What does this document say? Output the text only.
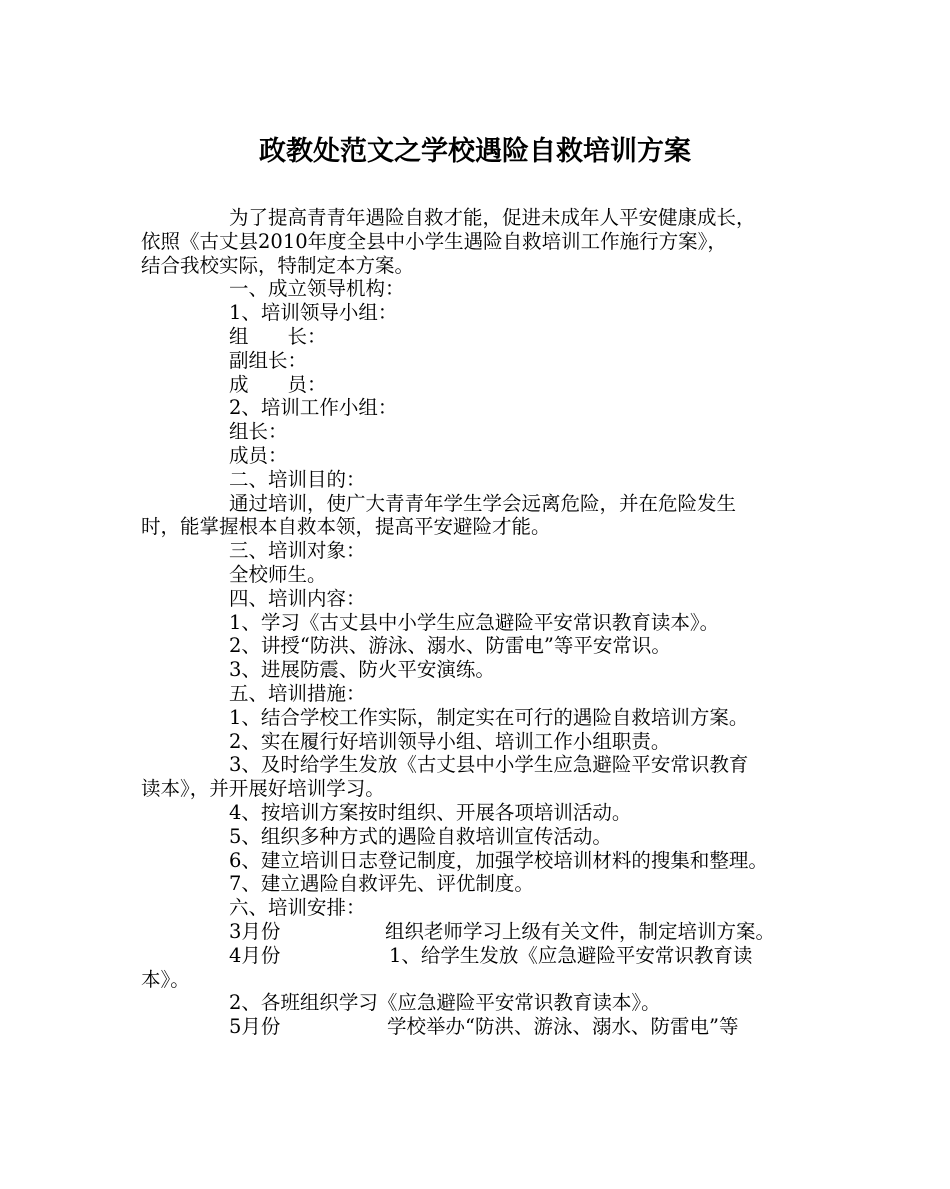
政教处范文之学校遇险自救培训方案

为了提高青青年遇险自救才能，促进未成年人平安健康成长，

依照《古丈县2010年度全县中小学生遇险自救培训工作施行方案》，

结合我校实际，特制定本方案。

一、成立领导机构：

1、培训领导小组：

组　　长：

副组长：

成　　员：

2、培训工作小组：

组长：

成员：

二、培训目的：

通过培训，使广大青青年学生学会远离危险，并在危险发生

时，能掌握根本自救本领，提高平安避险才能。

三、培训对象：

全校师生。

四、培训内容：

1、学习《古丈县中小学生应急避险平安常识教育读本》。

2、讲授“防洪、游泳、溺水、防雷电”等平安常识。

3、进展防震、防火平安演练。

五、培训措施：

1、结合学校工作实际，制定实在可行的遇险自救培训方案。

2、实在履行好培训领导小组、培训工作小组职责。

3、及时给学生发放《古丈县中小学生应急避险平安常识教育

读本》，并开展好培训学习。

4、按培训方案按时组织、开展各项培训活动。

5、组织多种方式的遇险自救培训宣传活动。

6、建立培训日志登记制度，加强学校培训材料的搜集和整理。

7、建立遇险自救评先、评优制度。

六、培训安排：

3月份	组织老师学习上级有关文件，制定培训方案。

4月份	1、给学生发放《应急避险平安常识教育读

本》。

2、各班组织学习《应急避险平安常识教育读本》。

5月份	学校举办“防洪、游泳、溺水、防雷电”等
